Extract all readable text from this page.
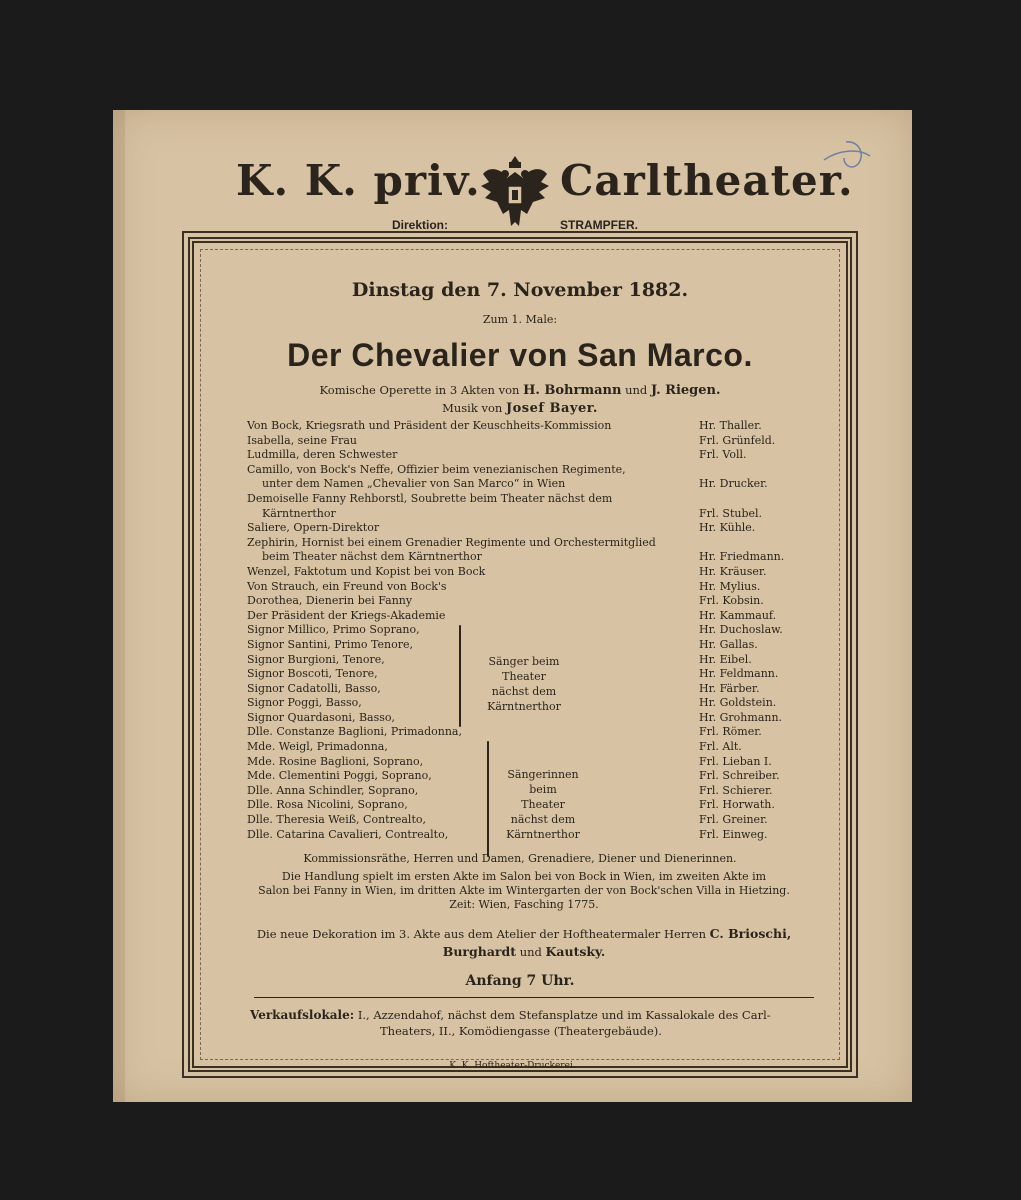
K. K. priv. Carltheater.
Direktion:	STRAMPFER.
Dinstag den 7. November 1882.
Zum 1. Male:
Der Chevalier von San Marco.
Komische Operette in 3 Akten von H. Bohrmann und J. Riegen.
Musik von Josef Bayer.
Von Bock, Kriegsrath und Präsident der Keuschheits-Kommission	Hr. Thaller.
Isabella, seine Frau	Frl. Grünfeld.
Ludmilla, deren Schwester	Frl. Voll.
Camillo, von Bock's Neffe, Offizier beim venezianischen Regimente,
unter dem Namen „Chevalier von San Marco“ in Wien	Hr. Drucker.
Demoiselle Fanny Rehborstl, Soubrette beim Theater nächst dem
Kärntnerthor	Frl. Stubel.
Saliere, Opern-Direktor	Hr. Kühle.
Zephirin, Hornist bei einem Grenadier Regimente und Orchestermitglied
beim Theater nächst dem Kärntnerthor	Hr. Friedmann.
Wenzel, Faktotum und Kopist bei von Bock	Hr. Kräuser.
Von Strauch, ein Freund von Bock's	Hr. Mylius.
Dorothea, Dienerin bei Fanny	Frl. Kobsin.
Der Präsident der Kriegs-Akademie	Hr. Kammauf.
Signor Millico, Primo Soprano,	Hr. Duchoslaw.
Signor Santini, Primo Tenore,	Hr. Gallas.
Signor Burgioni, Tenore,	Hr. Eibel.
Signor Boscoti, Tenore,	Hr. Feldmann.
Signor Cadatolli, Basso,	Hr. Färber.
Signor Poggi, Basso,	Hr. Goldstein.
Signor Quardasoni, Basso,	Hr. Grohmann.
Dlle. Constanze Baglioni, Primadonna,	Frl. Römer.
Mde. Weigl, Primadonna,	Frl. Alt.
Mde. Rosine Baglioni, Soprano,	Frl. Lieban I.
Mde. Clementini Poggi, Soprano,	Frl. Schreiber.
Dlle. Anna Schindler, Soprano,	Frl. Schierer.
Dlle. Rosa Nicolini, Soprano,	Frl. Horwath.
Dlle. Theresia Weiß, Contrealto,	Frl. Greiner.
Dlle. Catarina Cavalieri, Contrealto,	Frl. Einweg.
Sänger beim Theater
nächst dem
Kärntnerthor
Sängerinnen beim
Theater
nächst dem
Kärntnerthor
Kommissionsräthe, Herren und Damen, Grenadiere, Diener und Dienerinnen.
Die Handlung spielt im ersten Akte im Salon bei von Bock in Wien, im zweiten Akte im
Salon bei Fanny in Wien, im dritten Akte im Wintergarten der von Bock'schen Villa in Hietzing.
Zeit: Wien, Fasching 1775.
Die neue Dekoration im 3. Akte aus dem Atelier der Hoftheatermaler Herren C. Brioschi,
Burghardt und Kautsky.
Anfang 7 Uhr.
Verkaufslokale: I., Azzendahof, nächst dem Stefansplatze und im Kassalokale des Carl-
Theaters, II., Komödiengasse (Theatergebäude).
K. K. Hoftheater-Druckerei.
